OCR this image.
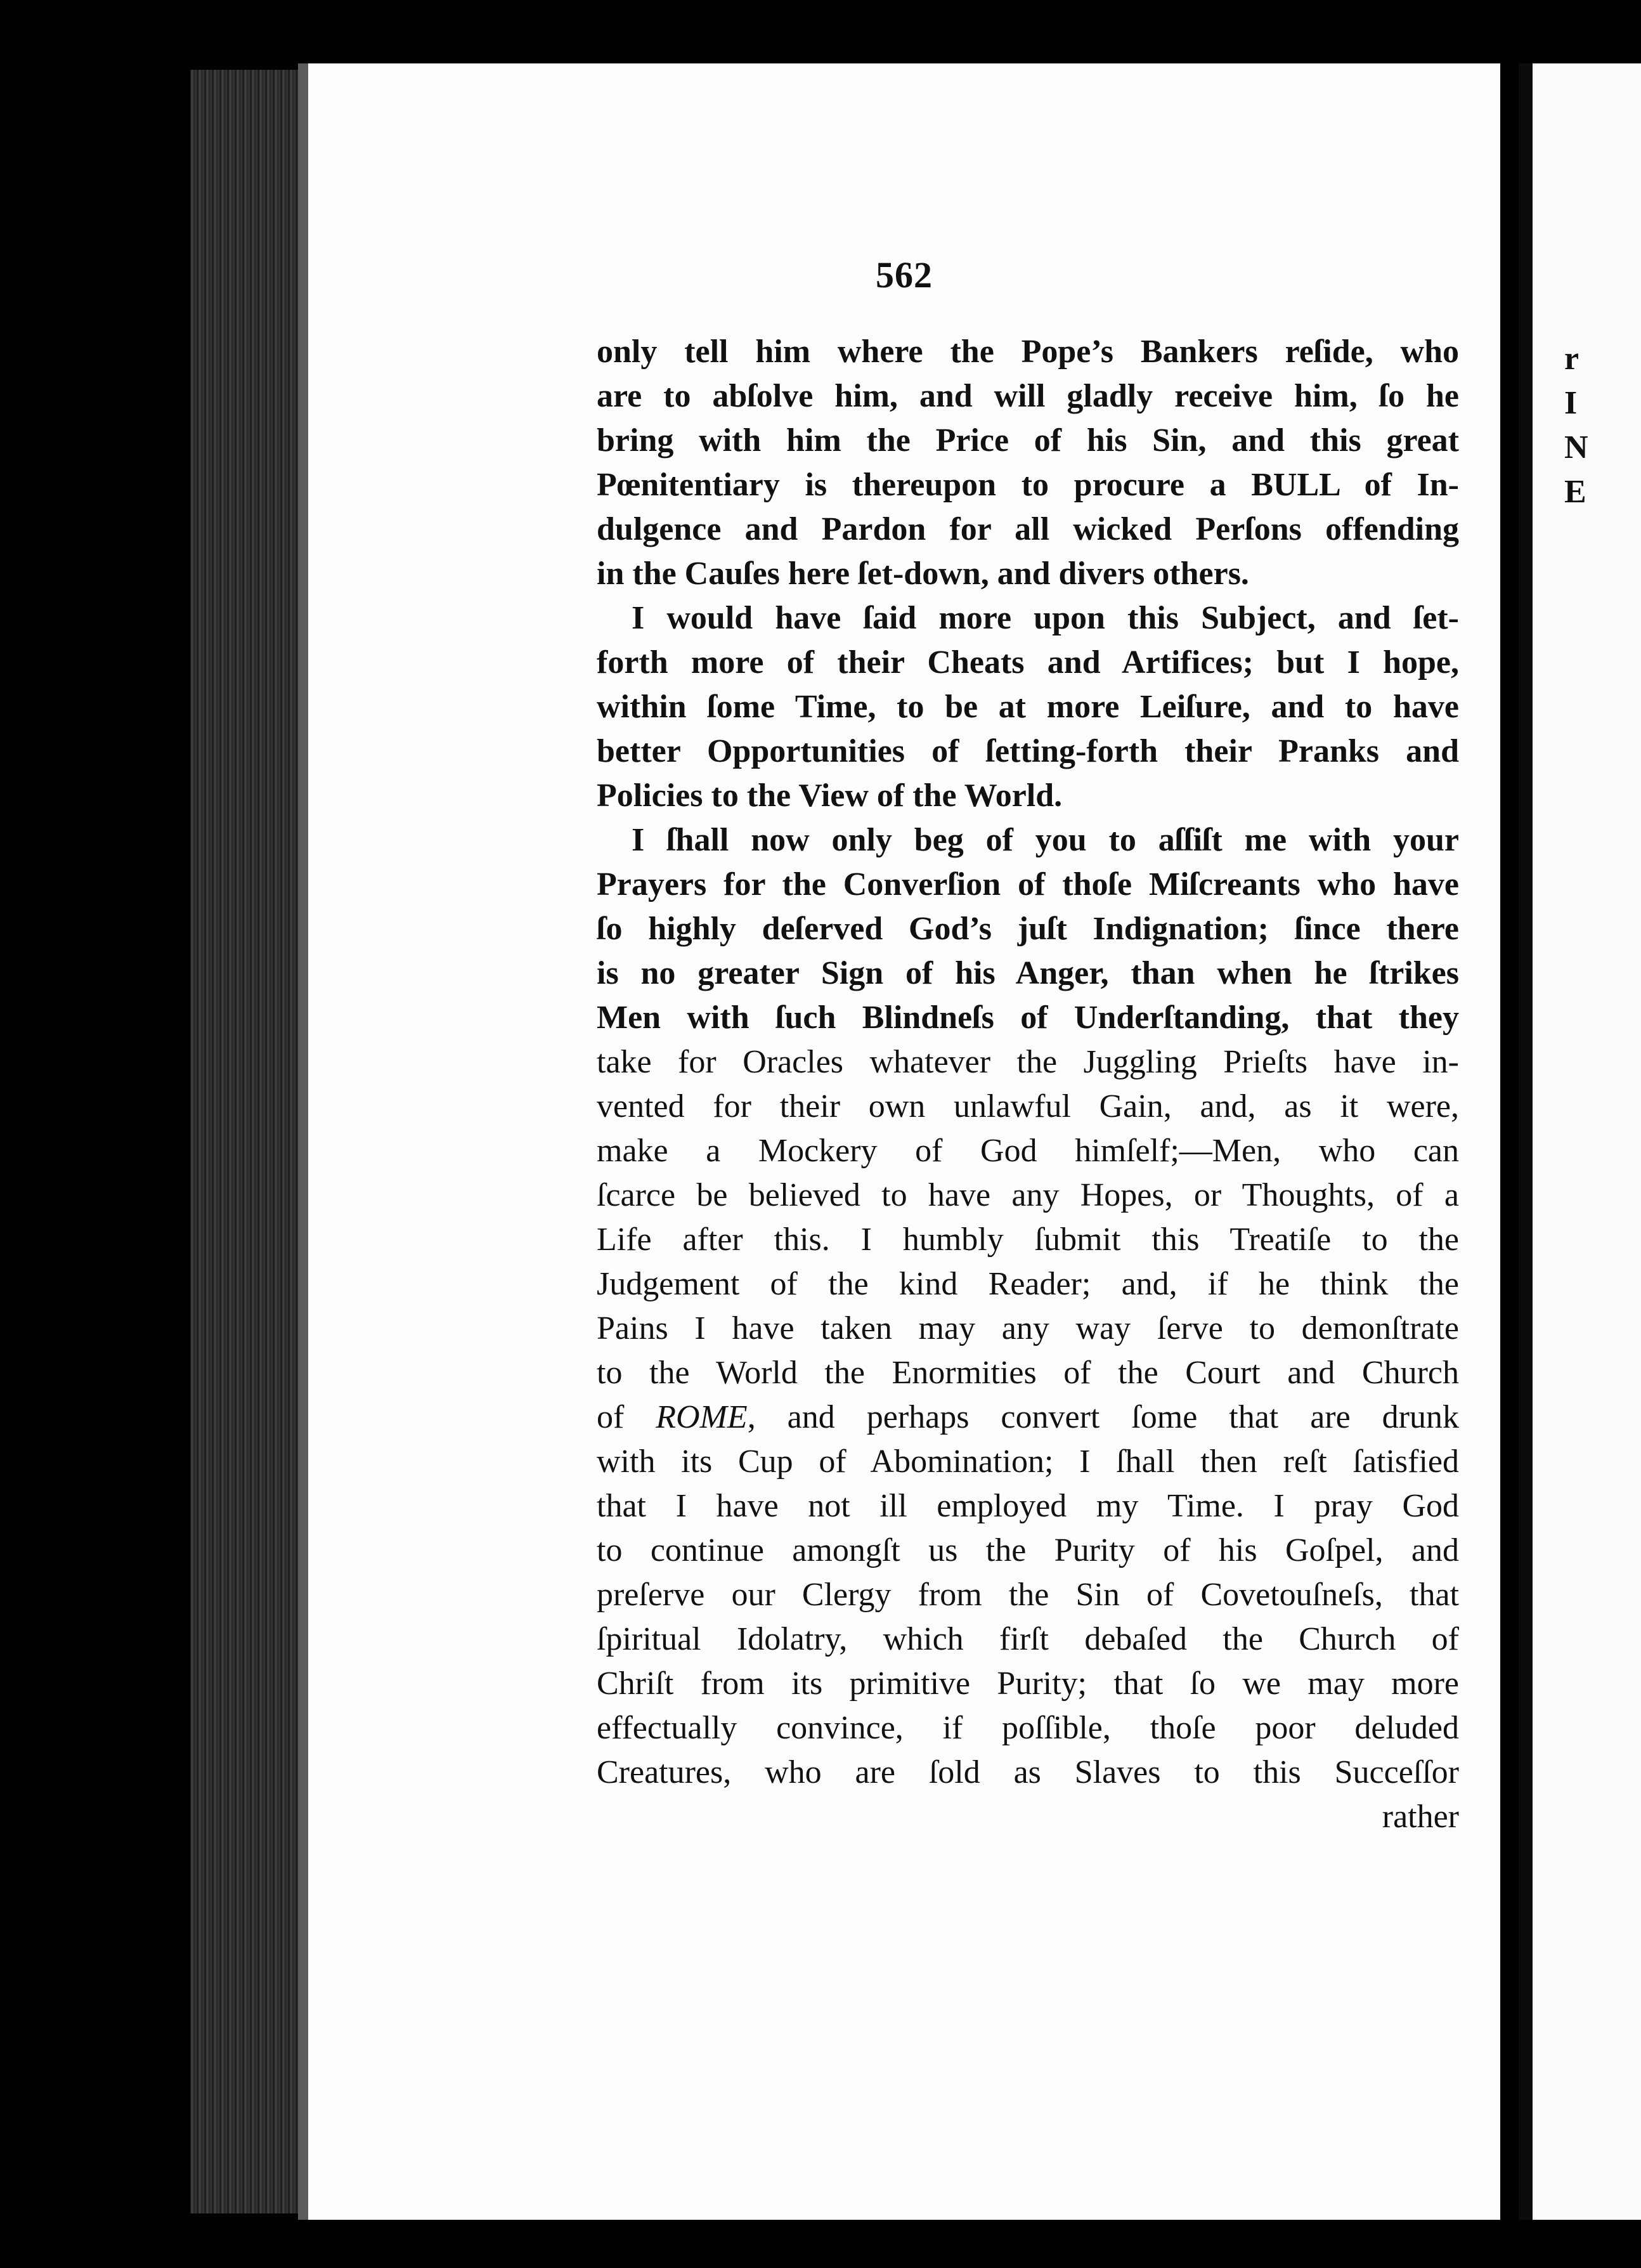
562
only tell him where the Pope’s Bankers reſide, who
are to abſolve him, and will gladly receive him, ſo he
bring with him the Price of his Sin, and this great
Pœnitentiary is thereupon to procure a BULL of In-
dulgence and Pardon for all wicked Perſons offending
in the Cauſes here ſet-down, and divers others.
I would have ſaid more upon this Subject, and ſet-
forth more of their Cheats and Artifices; but I hope,
within ſome Time, to be at more Leiſure, and to have
better Opportunities of ſetting-forth their Pranks and
Policies to the View of the World.
I ſhall now only beg of you to aſſiſt me with your
Prayers for the Converſion of thoſe Miſcreants who have
ſo highly deſerved God’s juſt Indignation; ſince there
is no greater Sign of his Anger, than when he ſtrikes
Men with ſuch Blindneſs of Underſtanding, that they
take for Oracles whatever the Juggling Prieſts have in-
vented for their own unlawful Gain, and, as it were,
make a Mockery of God himſelf;—Men, who can
ſcarce be believed to have any Hopes, or Thoughts, of a
Life after this. I humbly ſubmit this Treatiſe to the
Judgement of the kind Reader; and, if he think the
Pains I have taken may any way ſerve to demonſtrate
to the World the Enormities of the Court and Church
of ROME, and perhaps convert ſome that are drunk
with its Cup of Abomination; I ſhall then reſt ſatisfied
that I have not ill employed my Time. I pray God
to continue amongſt us the Purity of his Goſpel, and
preſerve our Clergy from the Sin of Covetouſneſs, that
ſpiritual Idolatry, which firſt debaſed the Church of
Chriſt from its primitive Purity; that ſo we may more
effectually convince, if poſſible, thoſe poor deluded
Creatures, who are ſold as Slaves to this Succeſſor
rather
r
I
N
E
